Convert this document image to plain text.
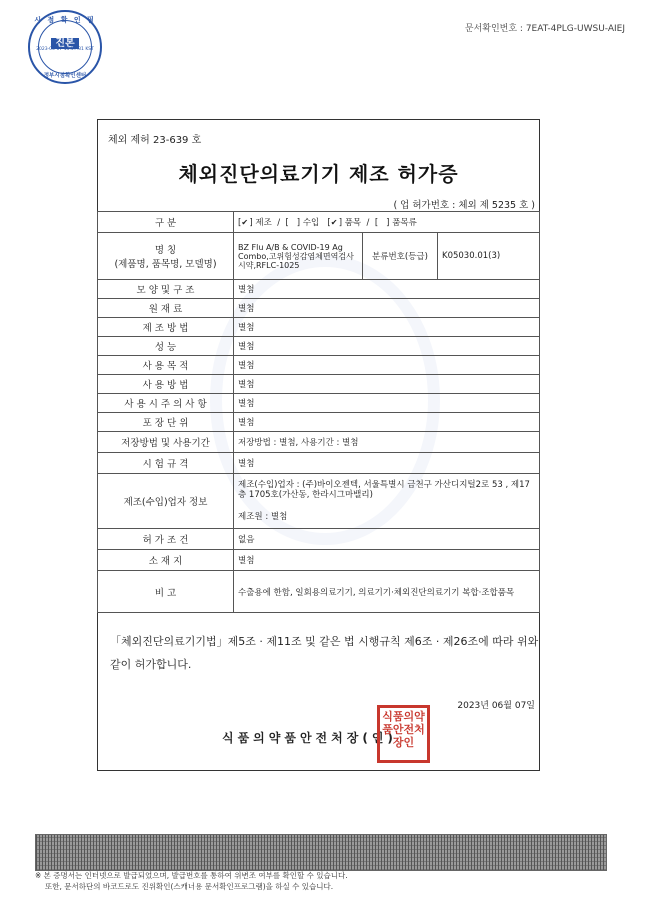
시 점 확 인 필
진본
2023-06-07 15:57:31 KST
정부시점확인센터
문서확인번호 : 7EAT-4PLG-UWSU-AIEJ
체외 제허 23-639 호
체외진단의료기기 제조 허가증
( 업 허가번호 : 체외 제 5235 호 )
구 분	[✔] 제조  /  [ ] 수입   [✔] 품목  /  [ ] 품목류		

명 칭
(제품명, 품목명, 모델명)	BZ Flu A/B & COVID-19 Ag Combo,고위험성감염체면역검사시약,RFLC-1025	분류번호(등급)	K05030.01(3)
모 양 및 구 조	별첨		
원 재 료	별첨		
제 조 방 법	별첨		
성 능	별첨		
사 용 목 적	별첨		
사 용 방 법	별첨		
사 용 시 주 의 사 항	별첨		
포 장 단 위	별첨		
저장방법 및 사용기간	저장방법 : 별첨, 사용기간 : 별첨		
시 험 규 격	별첨		
제조(수입)업자 정보	제조(수입)업자 : (주)바이오젠텍, 서울특별시 금천구 가산디지털2로 53 , 제17층 1705호(가산동, 한라시그마밸리)
제조원 : 별첨		

허 가 조 건	없음		
소 재 지	별첨		
비 고	수출용에 한함, 일회용의료기기, 의료기기·체외진단의료기기 복합·조합품목		
「체외진단의료기기법」제5조 · 제11조 및 같은 법 시행규칙 제6조 · 제26조에 따라 위와 같이 허가합니다.
2023년 06월 07일
식품의약품안전처장(인)
식품의약품안전처장인
※ 본 증명서는 인터넷으로 발급되었으며, 발급번호를 통하여 위변조 여부를 확인할 수 있습니다.
또한, 문서하단의 바코드로도 진위확인(스캐너용 문서확인프로그램)을 하실 수 있습니다.
